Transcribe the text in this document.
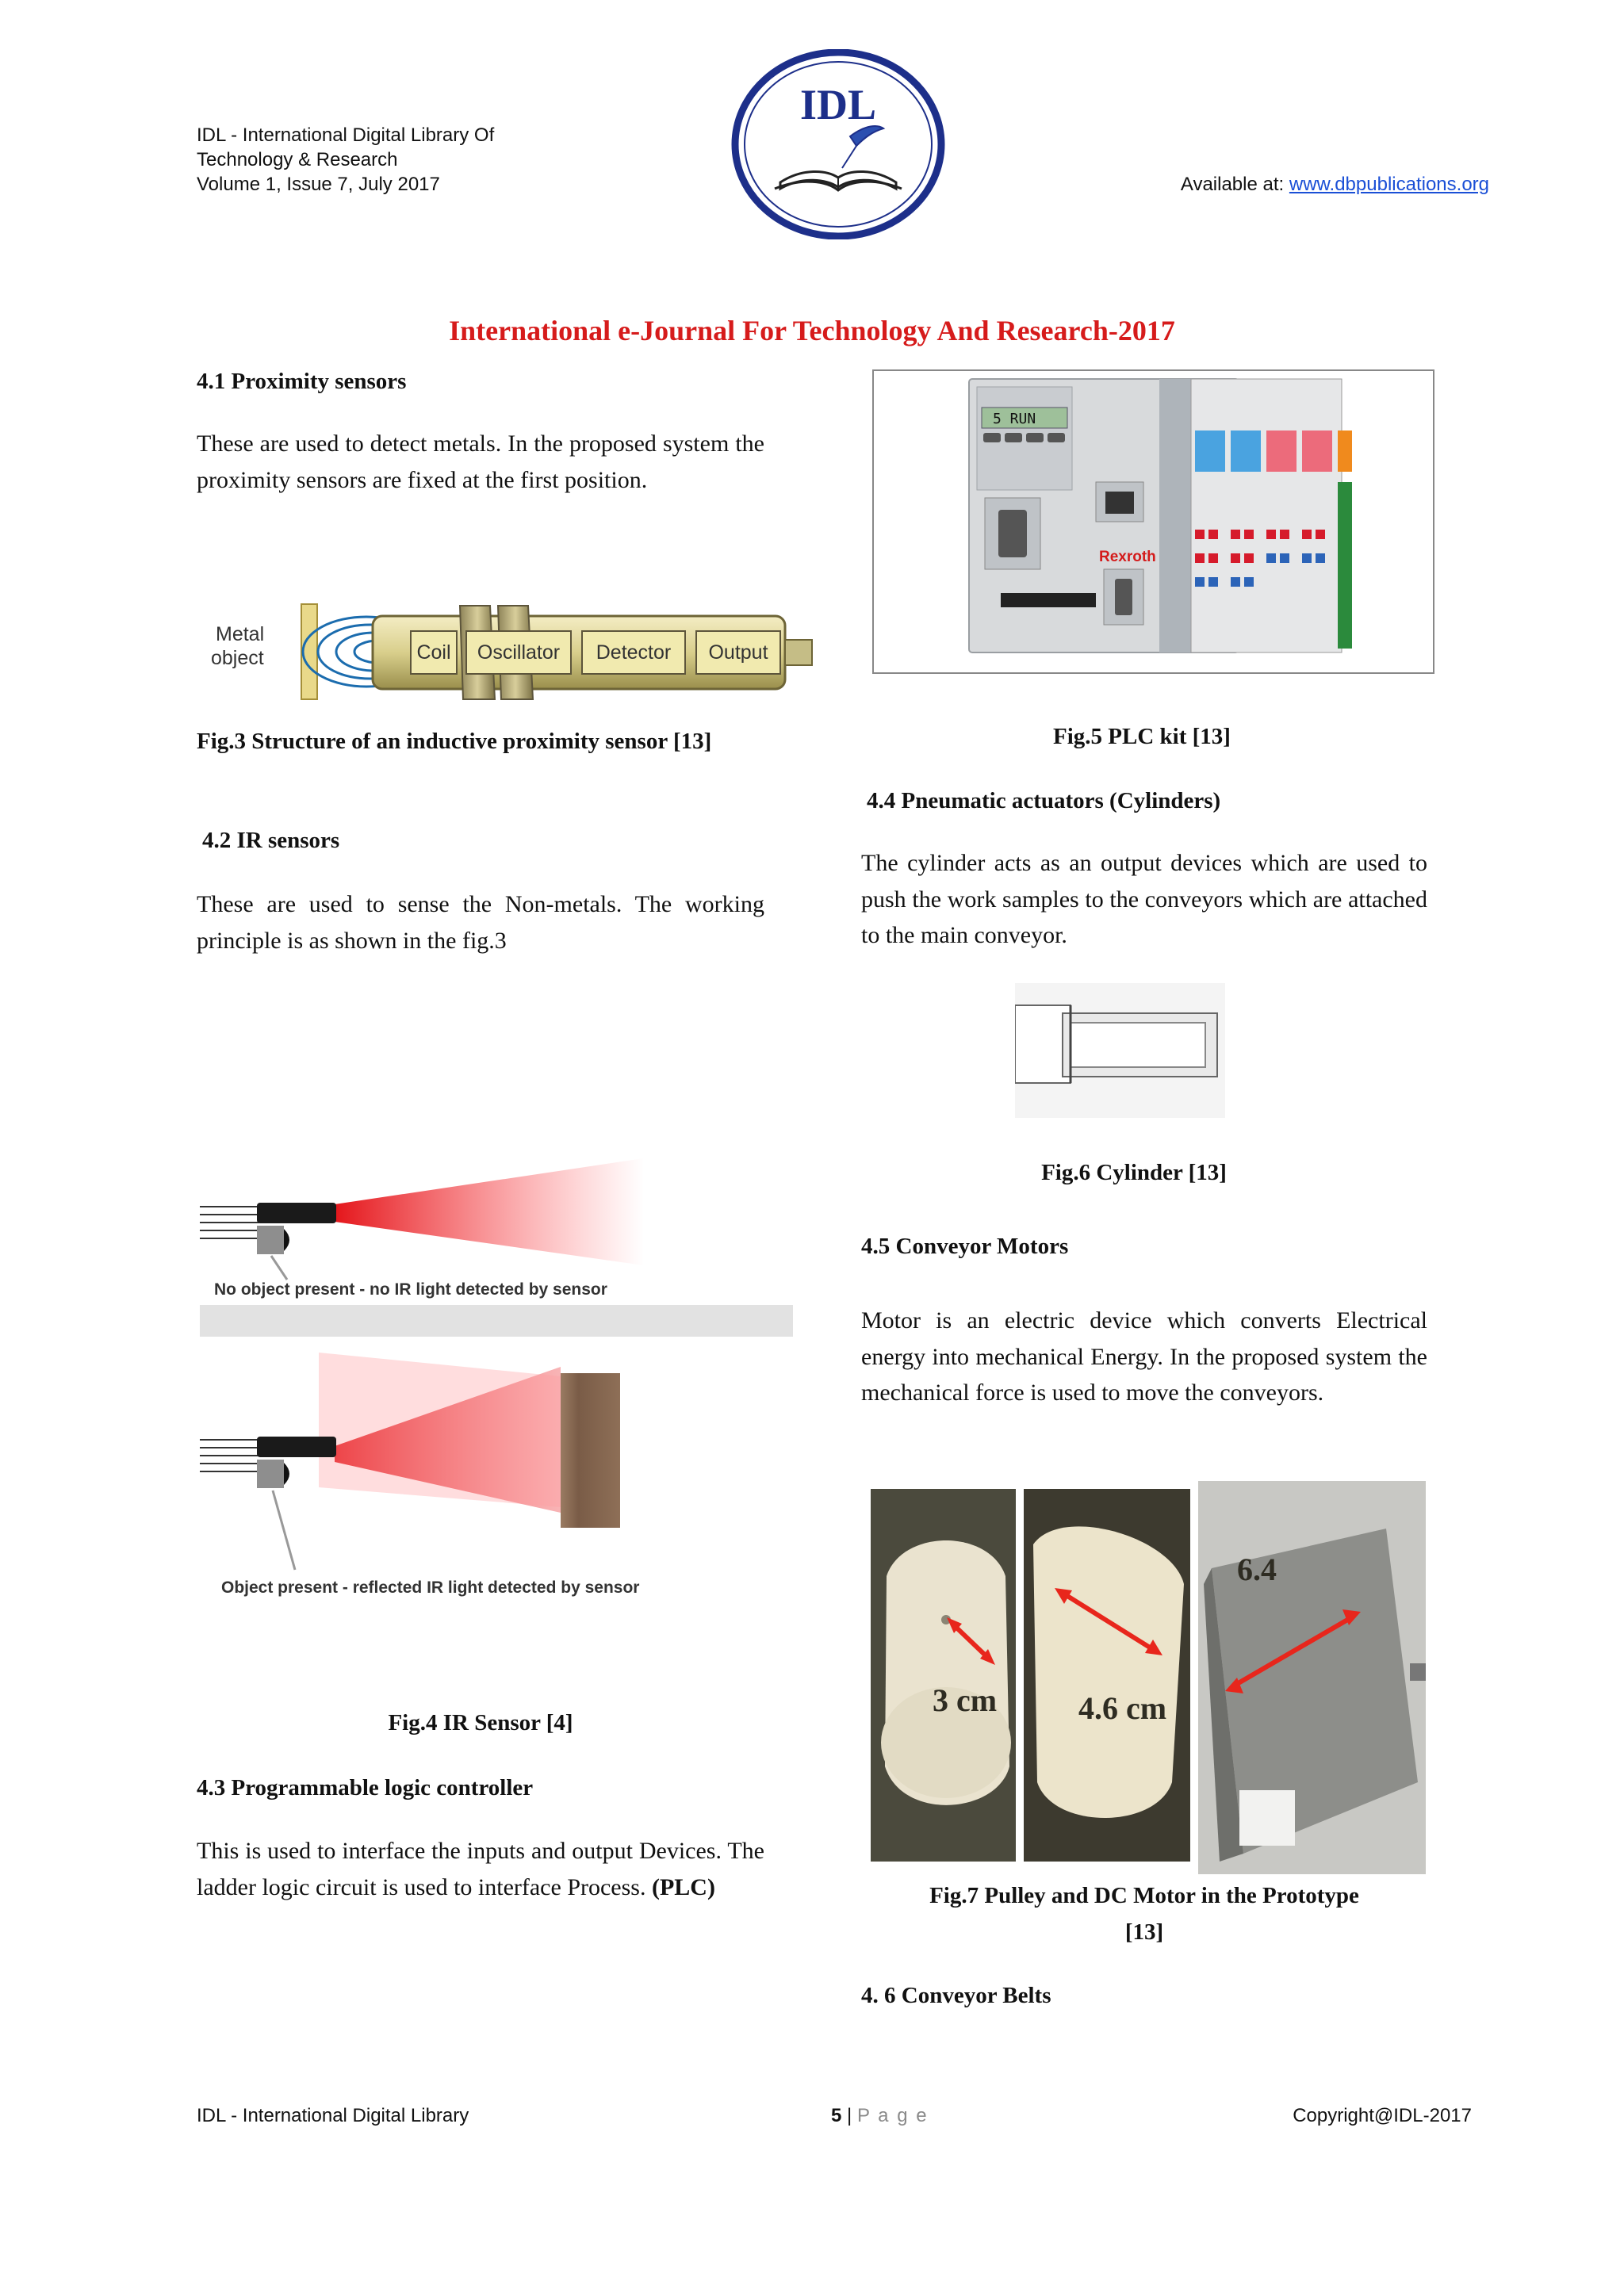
IDL - International Digital Library Of
Technology & Research
Volume 1, Issue 7, July 2017
IDL
Available at: www.dbpublications.org
International e-Journal For Technology And Research-2017
4.1 Proximity sensors
These are used to detect metals. In the proposed system the proximity sensors are fixed at the first position.
Metal
object	Coil Oscillator Detector Output
Fig.3 Structure of an inductive proximity sensor [13]
4.2 IR sensors
These are used to sense the Non-metals. The working principle is as shown in the fig.3
No object present - no IR light detected by sensor
Object present - reflected IR light detected by sensor
Fig.4 IR Sensor [4]
4.3 Programmable logic controller
This is used to interface the inputs and output Devices. The ladder logic circuit is used to interface Process. (PLC)
5 RUN
Rexroth
Fig.5 PLC kit [13]
4.4 Pneumatic actuators (Cylinders)
The cylinder acts as an output devices which are used to push the work samples to the conveyors which are attached to the main conveyor.
Fig.6 Cylinder [13]
4.5 Conveyor Motors
Motor is an electric device which converts Electrical energy into mechanical Energy. In the proposed system the mechanical force is used to move the conveyors.
3 cm	4.6 cm
6.4
Fig.7 Pulley and DC Motor in the Prototype
[13]
4. 6 Conveyor Belts
IDL - International Digital Library	5 | P a g e	Copyright@IDL-2017
